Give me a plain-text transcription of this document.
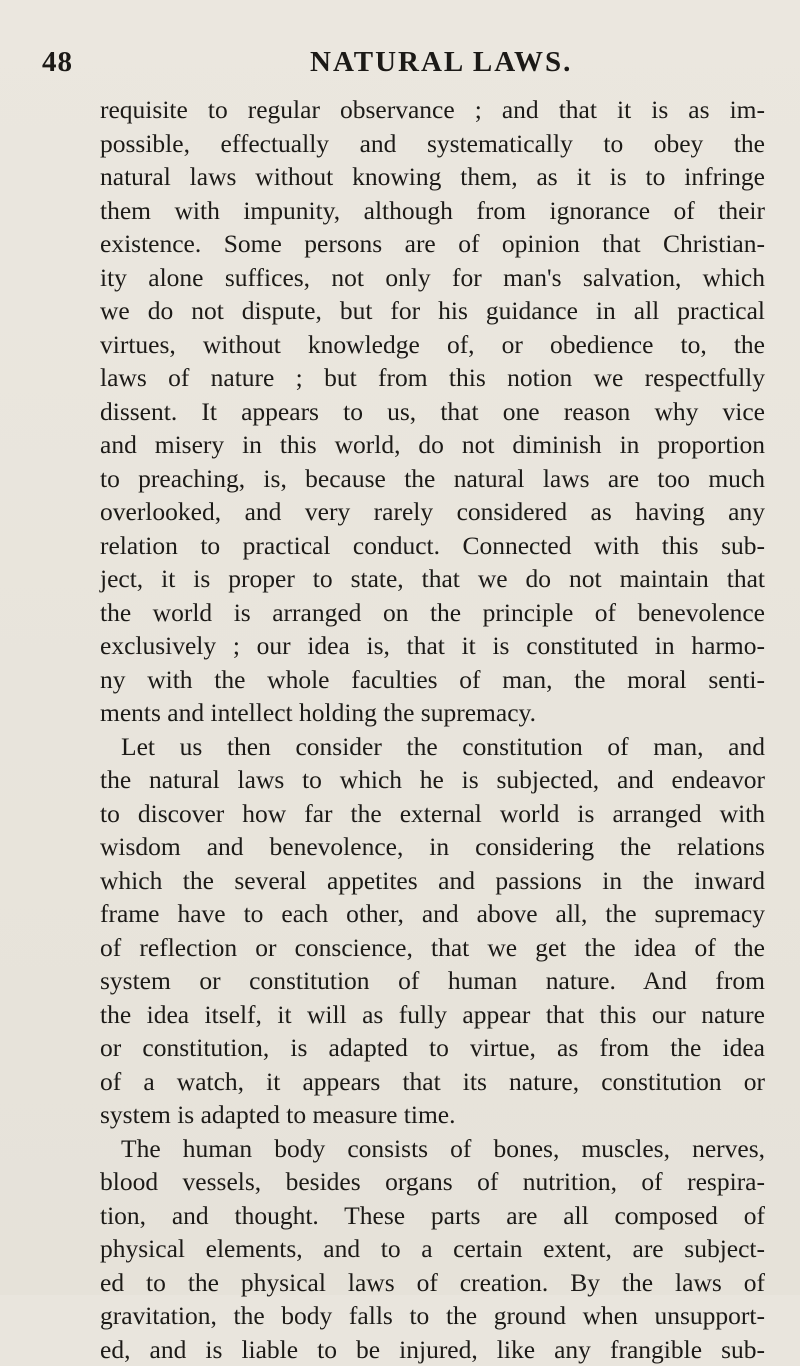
48	NATURAL LAWS.
requisite to regular observance ; and that it is as im-
possible, effectually and systematically to obey the
natural laws without knowing them, as it is to infringe
them with impunity, although from ignorance of their
existence. Some persons are of opinion that Christian-
ity alone suffices, not only for man's salvation, which
we do not dispute, but for his guidance in all practical
virtues, without knowledge of, or obedience to, the
laws of nature ; but from this notion we respectfully
dissent. It appears to us, that one reason why vice
and misery in this world, do not diminish in proportion
to preaching, is, because the natural laws are too much
overlooked, and very rarely considered as having any
relation to practical conduct. Connected with this sub-
ject, it is proper to state, that we do not maintain that
the world is arranged on the principle of benevolence
exclusively ; our idea is, that it is constituted in harmo-
ny with the whole faculties of man, the moral senti-
ments and intellect holding the supremacy.
Let us then consider the constitution of man, and
the natural laws to which he is subjected, and endeavor
to discover how far the external world is arranged with
wisdom and benevolence, in considering the relations
which the several appetites and passions in the inward
frame have to each other, and above all, the supremacy
of reflection or conscience, that we get the idea of the
system or constitution of human nature. And from
the idea itself, it will as fully appear that this our nature
or constitution, is adapted to virtue, as from the idea
of a watch, it appears that its nature, constitution or
system is adapted to measure time.
The human body consists of bones, muscles, nerves,
blood vessels, besides organs of nutrition, of respira-
tion, and thought. These parts are all composed of
physical elements, and to a certain extent, are subject-
ed to the physical laws of creation. By the laws of
gravitation, the body falls to the ground when unsupport-
ed, and is liable to be injured, like any frangible sub-
